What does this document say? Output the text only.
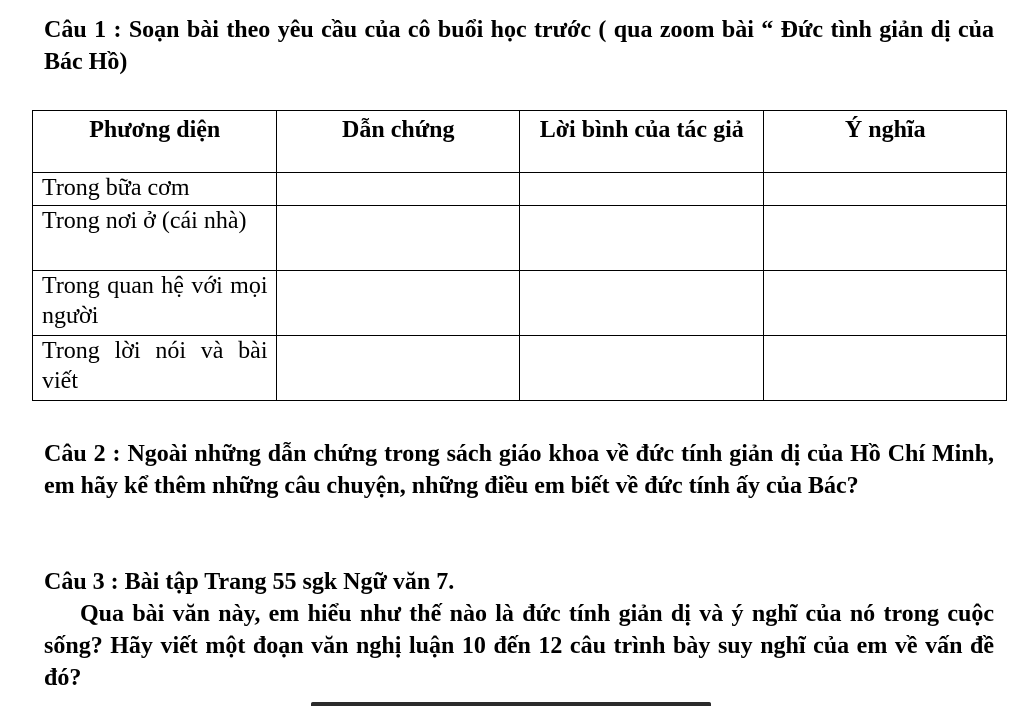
Câu 1 : Soạn bài theo yêu cầu của cô buổi học trước ( qua zoom bài “ Đức tình giản dị của Bác Hồ)

Phương diện	Dẫn chứng	Lời bình của tác giả	Ý nghĩa
Trong bữa cơm			
Trong nơi ở (cái nhà)			
Trong quan hệ với mọi người			
Trong lời nói và bài viết			

Câu 2 : Ngoài những dẫn chứng trong sách giáo khoa về đức tính giản dị của Hồ Chí Minh, em hãy kể thêm những câu chuyện, những điều em biết về đức tính ấy của Bác?

Câu 3 : Bài tập Trang 55 sgk Ngữ văn 7.

Qua bài văn này, em hiểu như thế nào là đức tính giản dị và ý nghĩ của nó trong cuộc sống? Hãy viết một đoạn văn nghị luận 10 đến 12 câu trình bày suy nghĩ của em về vấn đề đó?
